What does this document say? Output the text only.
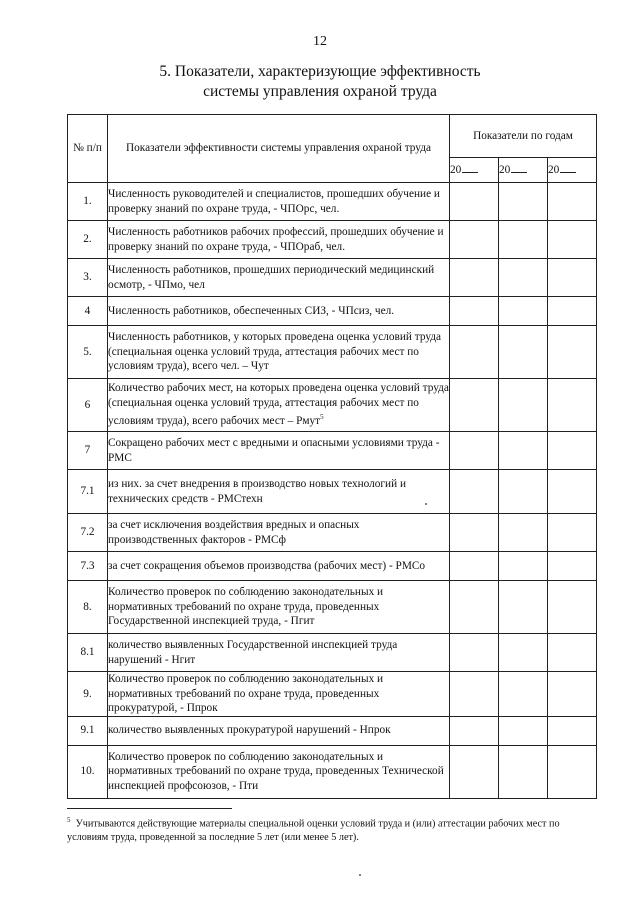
12
5. Показатели, характеризующие эффективность
системы управления охраной труда
№ п/п	Показатели эффективности системы управления охраной труда	Показатели по годам		
		20	20	20
1.	Численность руководителей и специалистов, прошедших обучение и проверку знаний по охране труда, - ЧПОрс, чел.			
2.	Численность работников рабочих профессий, прошедших обучение и проверку знаний по охране труда, - ЧПОраб, чел.			
3.	Численность работников, прошедших периодический медицинский осмотр, - ЧПмо, чел			
4	Численность работников, обеспеченных СИЗ, - ЧПсиз, чел.			
5.	Численность работников, у которых проведена оценка условий труда (специальная оценка условий труда, аттестация рабочих мест по условиям труда), всего чел. – Чут			
6	Количество рабочих мест, на которых проведена оценка условий труда (специальная оценка условий труда, аттестация рабочих мест по условиям труда), всего рабочих мест – Рмут$^5$			
7	Сокращено рабочих мест с вредными и опасными условиями труда - РМС			
7.1	из них. за счет внедрения в производство новых технологий и технических средств - РМСтехн			
7.2	за счет исключения воздействия вредных и опасных производственных факторов - РМСф			
7.3	за счет сокращения объемов производства (рабочих мест) - РМСо			
8.	Количество проверок по соблюдению законодательных и нормативных требований по охране труда, проведенных Государственной инспекцией труда, - Пгит			
8.1	количество выявленных Государственной инспекцией труда нарушений - Нгит			
9.	Количество проверок по соблюдению законодательных и нормативных требований по охране труда, проведенных прокуратурой, - Ппрок			
9.1	количество выявленных прокуратурой нарушений - Нпрок			
10.	Количество проверок по соблюдению законодательных и нормативных требований по охране труда, проведенных Технической инспекцией профсоюзов, - Пти			
$^5$ Учитываются действующие материалы специальной оценки условий труда и (или) аттестации рабочих мест по условиям труда, проведенной за последние 5 лет (или менее 5 лет).
